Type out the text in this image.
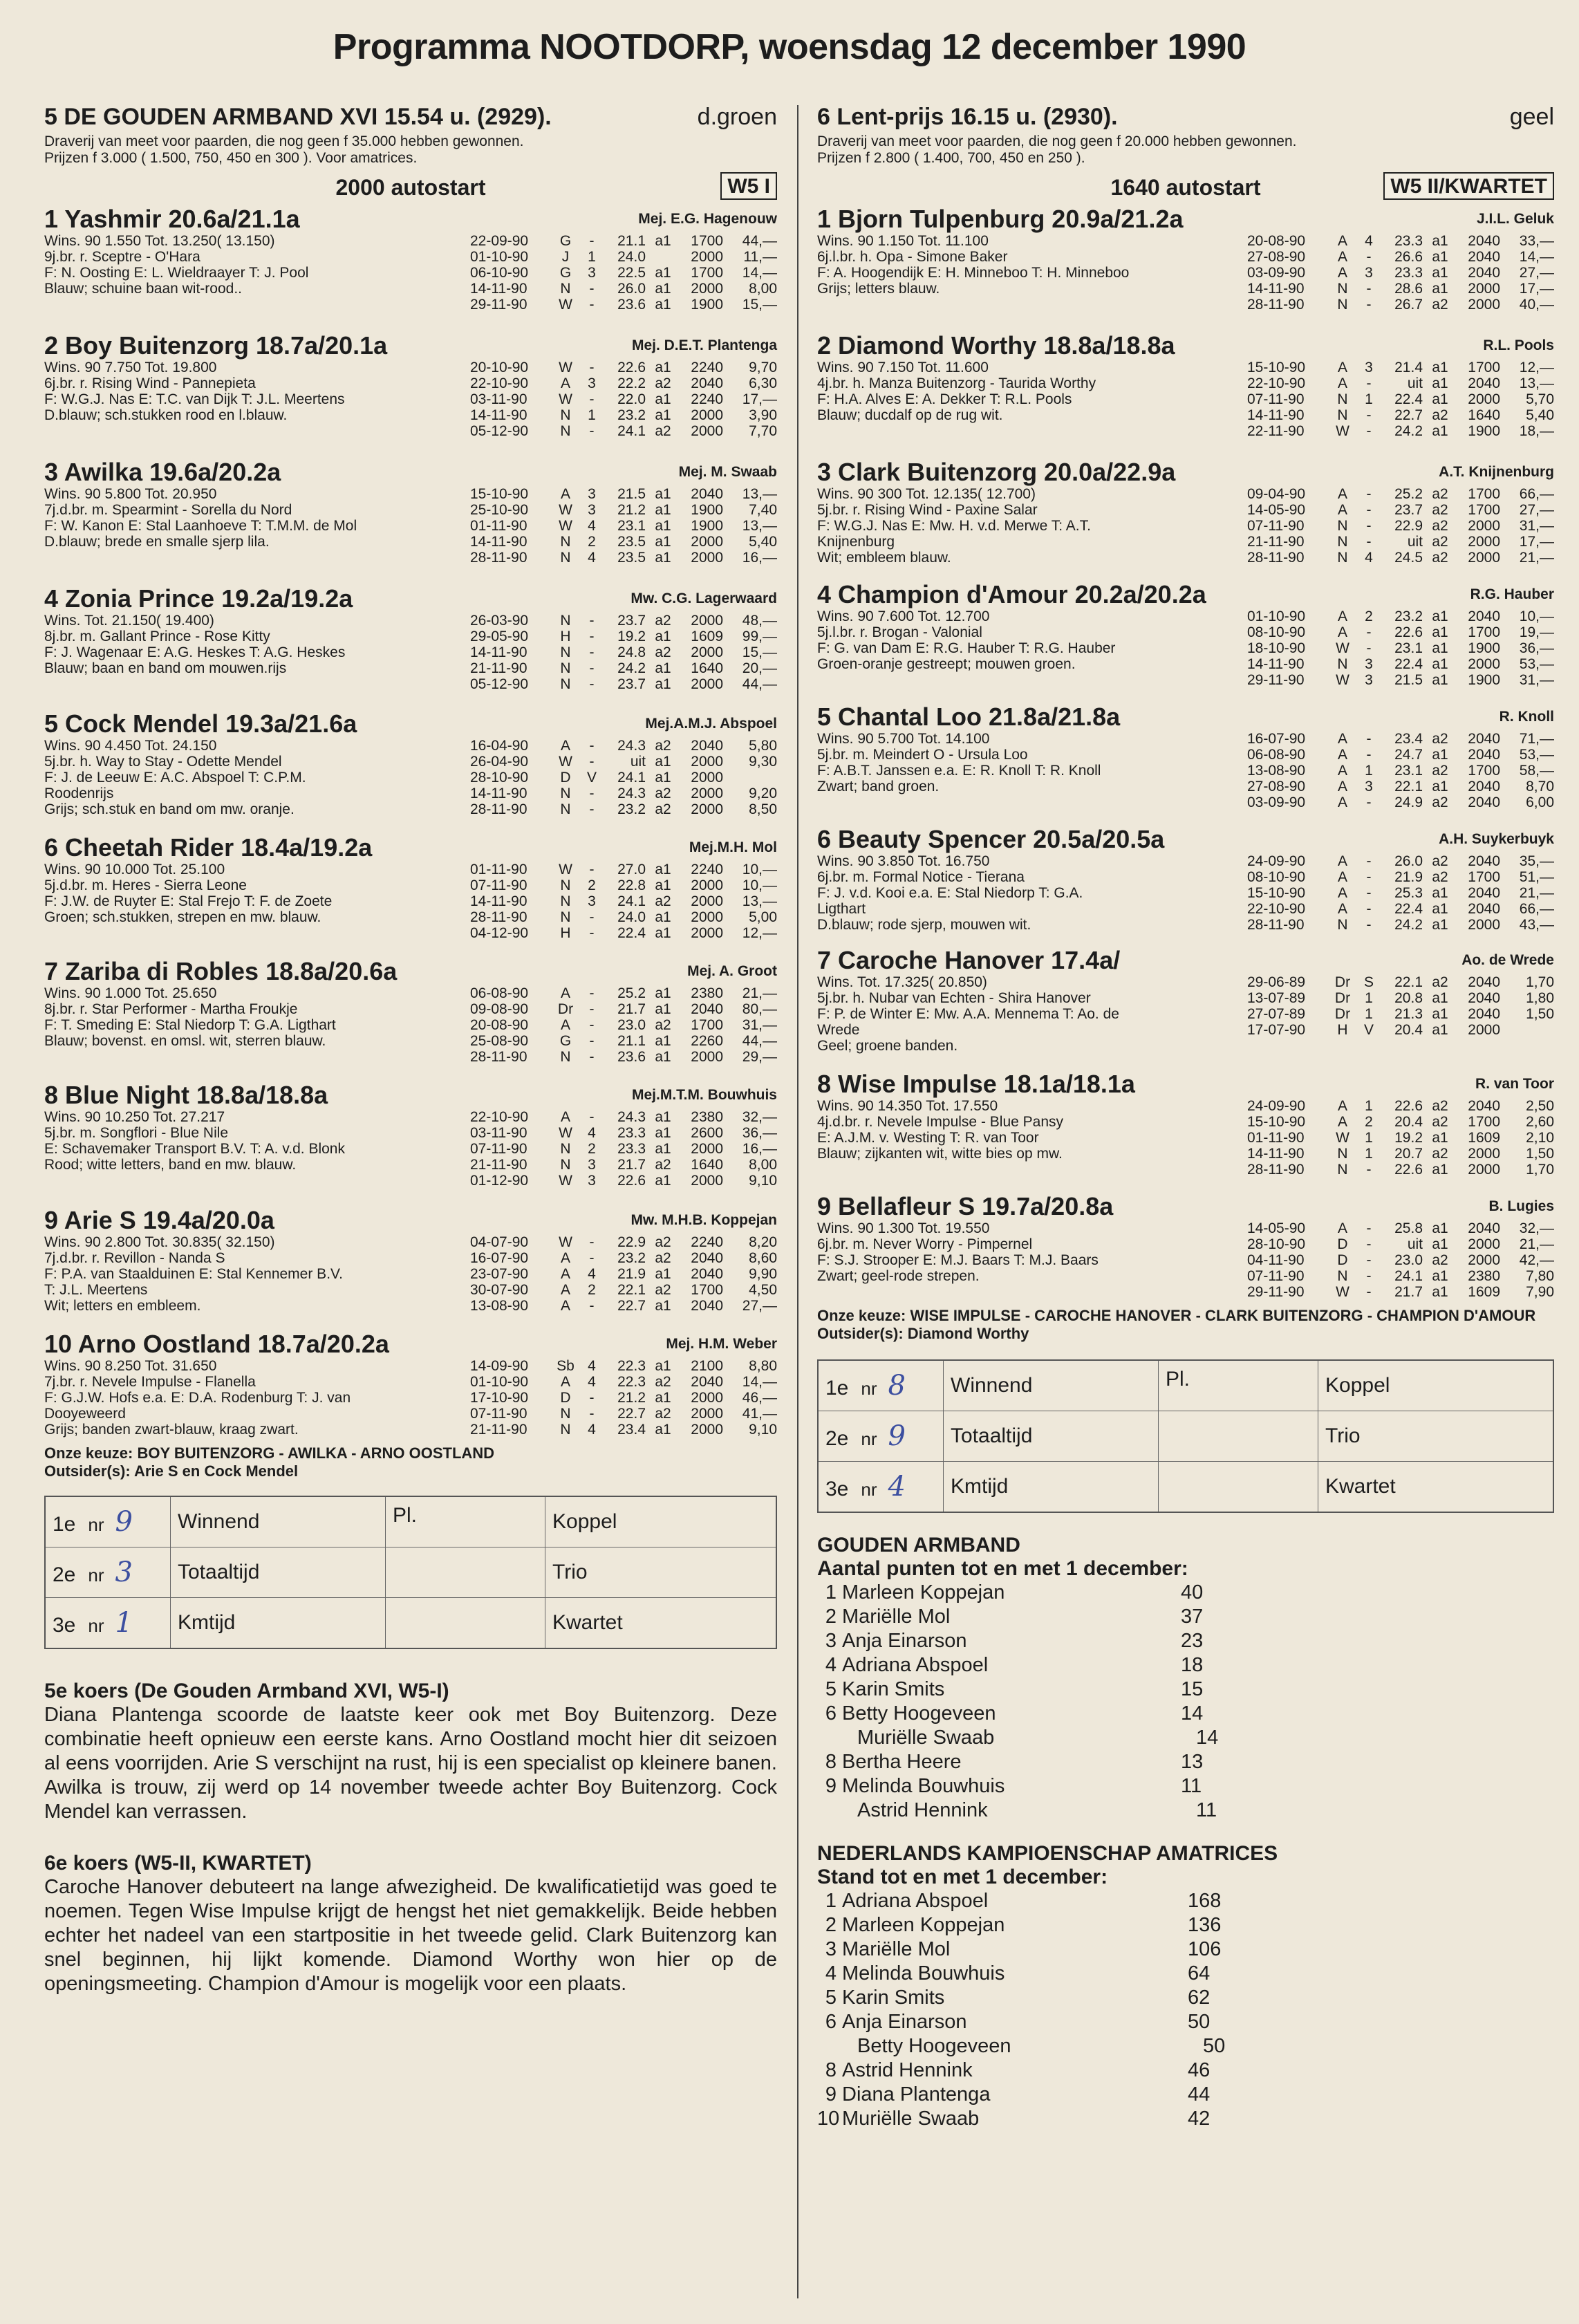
Programma NOOTDORP, woensdag 12 december 1990
5 DE GOUDEN ARMBAND XVI 15.54 u. (2929).	d.groen
Draverij van meet voor paarden, die nog geen f 35.000 hebben gewonnen.
Prijzen f 3.000 ( 1.500, 750, 450 en 300 ). Voor amatrices.
2000 autostart	W5 I
1 Yashmir 20.6a/21.1a	Mej. E.G. Hagenouw
Wins. 90 1.550 Tot. 13.250( 13.150)
9j.br. r. Sceptre - O'Hara
F: N. Oosting E: L. Wieldraayer T: J. Pool
Blauw; schuine baan wit-rood..
22-09-90	G	-	21.1 a1	1700	44,—
01-10-90	J	1	24.0	2000	11,—
06-10-90	G	3	22.5 a1	1700	14,—
14-11-90	N	-	26.0 a1	2000	8,00
29-11-90	W	-	23.6 a1	1900	15,—
2 Boy Buitenzorg 18.7a/20.1a	Mej. D.E.T. Plantenga
Wins. 90 7.750 Tot. 19.800
6j.br. r. Rising Wind - Pannepieta
F: W.G.J. Nas E: T.C. van Dijk T: J.L. Meertens
D.blauw; sch.stukken rood en l.blauw.
20-10-90	W	-	22.6 a1	2240	9,70
22-10-90	A	3	22.2 a2	2040	6,30
03-11-90	W	-	22.0 a1	2240	17,—
14-11-90	N	1	23.2 a1	2000	3,90
05-12-90	N	-	24.1 a2	2000	7,70
3 Awilka 19.6a/20.2a	Mej. M. Swaab
Wins. 90 5.800 Tot. 20.950
7j.d.br. m. Spearmint - Sorella du Nord
F: W. Kanon E: Stal Laanhoeve T: T.M.M. de Mol
D.blauw; brede en smalle sjerp lila.
15-10-90	A	3	21.5 a1	2040	13,—
25-10-90	W	3	21.2 a1	1900	7,40
01-11-90	W	4	23.1 a1	1900	13,—
14-11-90	N	2	23.5 a1	2000	5,40
28-11-90	N	4	23.5 a1	2000	16,—
4 Zonia Prince 19.2a/19.2a	Mw. C.G. Lagerwaard
Wins. Tot. 21.150( 19.400)
8j.br. m. Gallant Prince - Rose Kitty
F: J. Wagenaar E: A.G. Heskes T: A.G. Heskes
Blauw; baan en band om mouwen.rijs
26-03-90	N	-	23.7 a2	2000	48,—
29-05-90	H	-	19.2 a1	1609	99,—
14-11-90	N	-	24.8 a2	2000	15,—
21-11-90	N	-	24.2 a1	1640	20,—
05-12-90	N	-	23.7 a1	2000	44,—
5 Cock Mendel 19.3a/21.6a	Mej.A.M.J. Abspoel
Wins. 90 4.450 Tot. 24.150
5j.br. h. Way to Stay - Odette Mendel
F: J. de Leeuw E: A.C. Abspoel T: C.P.M.
Roodenrijs
Grijs; sch.stuk en band om mw. oranje.
16-04-90	A	-	24.3 a2	2040	5,80
26-04-90	W	-	uit a1	2000	9,30
28-10-90	D	V	24.1 a1	2000
14-11-90	N	-	24.3 a2	2000	9,20
28-11-90	N	-	23.2 a2	2000	8,50
6 Cheetah Rider 18.4a/19.2a	Mej.M.H. Mol
Wins. 90 10.000 Tot. 25.100
5j.d.br. m. Heres - Sierra Leone
F: J.W. de Ruyter E: Stal Frejo T: F. de Zoete
Groen; sch.stukken, strepen en mw. blauw.
01-11-90	W	-	27.0 a1	2240	10,—
07-11-90	N	2	22.8 a1	2000	10,—
14-11-90	N	3	24.1 a2	2000	13,—
28-11-90	N	-	24.0 a1	2000	5,00
04-12-90	H	-	22.4 a1	2000	12,—
7 Zariba di Robles 18.8a/20.6a	Mej. A. Groot
Wins. 90 1.000 Tot. 25.650
8j.br. r. Star Performer - Martha Froukje
F: T. Smeding E: Stal Niedorp T: G.A. Ligthart
Blauw; bovenst. en omsl. wit, sterren blauw.
06-08-90	A	-	25.2 a1	2380	21,—
09-08-90	Dr	-	21.7 a1	2040	80,—
20-08-90	A	-	23.0 a2	1700	31,—
25-08-90	G	-	21.1 a1	2260	44,—
28-11-90	N	-	23.6 a1	2000	29,—
8 Blue Night 18.8a/18.8a	Mej.M.T.M. Bouwhuis
Wins. 90 10.250 Tot. 27.217
5j.br. m. Songflori - Blue Nile
E: Schavemaker Transport B.V. T: A. v.d. Blonk
Rood; witte letters, band en mw. blauw.
22-10-90	A	-	24.3 a1	2380	32,—
03-11-90	W	4	23.3 a1	2600	36,—
07-11-90	N	2	23.3 a1	2000	16,—
21-11-90	N	3	21.7 a2	1640	8,00
01-12-90	W	3	22.6 a1	2000	9,10
9 Arie S 19.4a/20.0a	Mw. M.H.B. Koppejan
Wins. 90 2.800 Tot. 30.835( 32.150)
7j.d.br. r. Revillon - Nanda S
F: P.A. van Staalduinen E: Stal Kennemer B.V.
T: J.L. Meertens
Wit; letters en embleem.
04-07-90	W	-	22.9 a2	2240	8,20
16-07-90	A	-	23.2 a2	2040	8,60
23-07-90	A	4	21.9 a1	2040	9,90
30-07-90	A	2	22.1 a2	1700	4,50
13-08-90	A	-	22.7 a1	2040	27,—
10 Arno Oostland 18.7a/20.2a	Mej. H.M. Weber
Wins. 90 8.250 Tot. 31.650
7j.br. r. Nevele Impulse - Flanella
F: G.J.W. Hofs e.a. E: D.A. Rodenburg T: J. van
Dooyeweerd
Grijs; banden zwart-blauw, kraag zwart.
14-09-90	Sb 4	22.3 a1	2100	8,80
01-10-90	A	4	22.3 a2	2040	14,—
17-10-90	D	-	21.2 a1	2000	46,—
07-11-90	N	-	22.7 a2	2000	41,—
21-11-90	N	4	23.4 a1	2000	9,10
Onze keuze: BOY BUITENZORG - AWILKA - ARNO OOSTLAND
Outsider(s): Arie S en Cock Mendel
1e nr 9	Winnend	Pl.	Koppel
2e nr 3	Totaaltijd		Trio
3e nr 1	Kmtijd		Kwartet
5e koers (De Gouden Armband XVI, W5-I)
Diana Plantenga scoorde de laatste keer ook met Boy Buitenzorg. Deze combinatie heeft opnieuw een eerste kans. Arno Oostland mocht hier dit seizoen al eens voorrijden. Arie S verschijnt na rust, hij is een specialist op kleinere banen. Awilka is trouw, zij werd op 14 november tweede achter Boy Buitenzorg. Cock Mendel kan verrassen.
6e koers (W5-II, KWARTET)
Caroche Hanover debuteert na lange afwezigheid. De kwalificatietijd was goed te noemen. Tegen Wise Impulse krijgt de hengst het niet gemakkelijk. Beide hebben echter het nadeel van een startpositie in het tweede gelid. Clark Buitenzorg kan snel beginnen, hij lijkt komende. Diamond Worthy won hier op de openingsmeeting. Champion d'Amour is mogelijk voor een plaats.
6 Lent-prijs 16.15 u. (2930).	geel
Draverij van meet voor paarden, die nog geen f 20.000 hebben gewonnen.
Prijzen f 2.800 ( 1.400, 700, 450 en 250 ).
1640 autostart	W5 II/KWARTET
1 Bjorn Tulpenburg 20.9a/21.2a	J.I.L. Geluk
Wins. 90 1.150 Tot. 11.100
6j.l.br. h. Opa - Simone Baker
F: A. Hoogendijk E: H. Minneboo T: H. Minneboo
Grijs; letters blauw.
20-08-90	A	4	23.3 a1	2040	33,—
27-08-90	A	-	26.6 a1	2040	14,—
03-09-90	A	3	23.3 a1	2040	27,—
14-11-90	N	-	28.6 a1	2000	17,—
28-11-90	N	-	26.7 a2	2000	40,—
2 Diamond Worthy 18.8a/18.8a	R.L. Pools
Wins. 90 7.150 Tot. 11.600
4j.br. h. Manza Buitenzorg - Taurida Worthy
F: H.A. Alves E: A. Dekker T: R.L. Pools
Blauw; ducdalf op de rug wit.
15-10-90	A	3	21.4 a1	1700	12,—
22-10-90	A	-	uit a1	2040	13,—
07-11-90	N	1	22.4 a1	2000	5,70
14-11-90	N	-	22.7 a2	1640	5,40
22-11-90	W	-	24.2 a1	1900	18,—
3 Clark Buitenzorg 20.0a/22.9a	A.T. Knijnenburg
Wins. 90 300 Tot. 12.135( 12.700)
5j.br. r. Rising Wind - Paxine Salar
F: W.G.J. Nas E: Mw. H. v.d. Merwe T: A.T.
Knijnenburg
Wit; embleem blauw.
09-04-90	A	-	25.2 a2	1700	66,—
14-05-90	A	-	23.7 a2	1700	27,—
07-11-90	N	-	22.9 a2	2000	31,—
21-11-90	N	-	uit a2	2000	17,—
28-11-90	N	4	24.5 a2	2000	21,—
4 Champion d'Amour 20.2a/20.2a	R.G. Hauber
Wins. 90 7.600 Tot. 12.700
5j.l.br. r. Brogan - Valonial
F: G. van Dam E: R.G. Hauber T: R.G. Hauber
Groen-oranje gestreept; mouwen groen.
01-10-90	A	2	23.2 a1	2040	10,—
08-10-90	A	-	22.6 a1	1700	19,—
18-10-90	W	-	23.1 a1	1900	36,—
14-11-90	N	3	22.4 a1	2000	53,—
29-11-90	W	3	21.5 a1	1900	31,—
5 Chantal Loo 21.8a/21.8a	R. Knoll
Wins. 90 5.700 Tot. 14.100
5j.br. m. Meindert O - Ursula Loo
F: A.B.T. Janssen e.a. E: R. Knoll T: R. Knoll
Zwart; band groen.
16-07-90	A	-	23.4 a2	2040	71,—
06-08-90	A	-	24.7 a1	2040	53,—
13-08-90	A	1	23.1 a2	1700	58,—
27-08-90	A	3	22.1 a1	2040	8,70
03-09-90	A	-	24.9 a2	2040	6,00
6 Beauty Spencer 20.5a/20.5a	A.H. Suykerbuyk
Wins. 90 3.850 Tot. 16.750
6j.br. m. Formal Notice - Tierana
F: J. v.d. Kooi e.a. E: Stal Niedorp T: G.A.
Ligthart
D.blauw; rode sjerp, mouwen wit.
24-09-90	A	-	26.0 a2	2040	35,—
08-10-90	A	-	21.9 a2	1700	51,—
15-10-90	A	-	25.3 a1	2040	21,—
22-10-90	A	-	22.4 a1	2040	66,—
28-11-90	N	-	24.2 a1	2000	43,—
7 Caroche Hanover 17.4a/	Ao. de Wrede
Wins. Tot. 17.325( 20.850)
5j.br. h. Nubar van Echten - Shira Hanover
F: P. de Winter E: Mw. A.A. Mennema T: Ao. de
Wrede
Geel; groene banden.
29-06-89	Dr S	22.1 a2	2040	1,70
13-07-89	Dr	1	20.8 a1	2040	1,80
27-07-89	Dr	1	21.3 a1	2040	1,50
17-07-90	H	V	20.4 a1	2000
8 Wise Impulse 18.1a/18.1a	R. van Toor
Wins. 90 14.350 Tot. 17.550
4j.d.br. r. Nevele Impulse - Blue Pansy
E: A.J.M. v. Westing T: R. van Toor
Blauw; zijkanten wit, witte bies op mw.
24-09-90	A	1	22.6 a2	2040	2,50
15-10-90	A	2	20.4 a2	1700	2,60
01-11-90	W	1	19.2 a1	1609	2,10
14-11-90	N	1	20.7 a2	2000	1,50
28-11-90	N	-	22.6 a1	2000	1,70
9 Bellafleur S 19.7a/20.8a	B. Lugies
Wins. 90 1.300 Tot. 19.550
6j.br. m. Never Worry - Pimpernel
F: S.J. Strooper E: M.J. Baars T: M.J. Baars
Zwart; geel-rode strepen.
14-05-90	A	-	25.8 a1	2040	32,—
28-10-90	D	-	uit a1	2000	21,—
04-11-90	D	-	23.0 a2	2000	42,—
07-11-90	N	-	24.1 a1	2380	7,80
29-11-90	W	-	21.7 a1	1609	7,90
Onze keuze: WISE IMPULSE - CAROCHE HANOVER - CLARK BUITENZORG - CHAMPION D'AMOUR
Outsider(s): Diamond Worthy
1e nr 8	Winnend	Pl.	Koppel
2e nr 9	Totaaltijd		Trio
3e nr 4	Kmtijd		Kwartet
GOUDEN ARMBAND
Aantal punten tot en met 1 december:
1 Marleen Koppejan	40
2 Mariëlle Mol	37
3 Anja Einarson	23
4 Adriana Abspoel	18
5 Karin Smits	15
6 Betty Hoogeveen	14
Muriëlle Swaab	14
8 Bertha Heere	13
9 Melinda Bouwhuis	11
Astrid Hennink	11
NEDERLANDS KAMPIOENSCHAP AMATRICES
Stand tot en met 1 december:
1 Adriana Abspoel	168
2 Marleen Koppejan	136
3 Mariëlle Mol	106
4 Melinda Bouwhuis	64
5 Karin Smits	62
6 Anja Einarson	50
Betty Hoogeveen	50
8 Astrid Hennink	46
9 Diana Plantenga	44
10 Muriëlle Swaab	42
